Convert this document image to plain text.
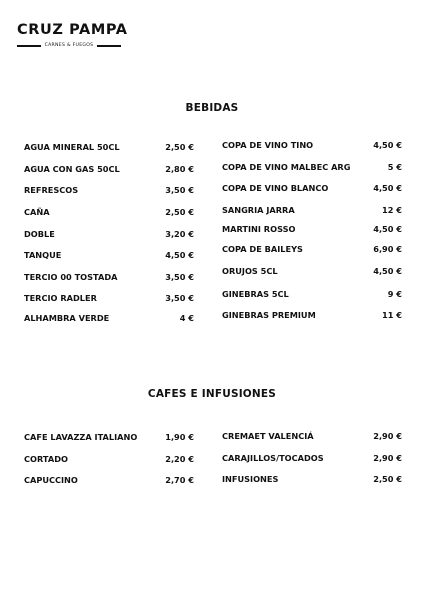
CRUZ PAMPA
CARNES & FUEGOS
BEBIDAS
AGUA MINERAL 50CL	2,50 €
AGUA CON GAS 50CL	2,80 €
REFRESCOS	3,50 €
CAÑA	2,50 €
DOBLE	3,20 €
TANQUE	4,50 €
TERCIO 00 TOSTADA	3,50 €
TERCIO RADLER	3,50 €
ALHAMBRA VERDE	4 €
COPA DE VINO TINO	4,50 €
COPA DE VINO MALBEC ARG	5 €
COPA DE VINO BLANCO	4,50 €
SANGRIA JARRA	12 €
MARTINI ROSSO	4,50 €
COPA DE BAILEYS	6,90 €
ORUJOS 5CL	4,50 €
GINEBRAS 5CL	9 €
GINEBRAS PREMIUM	11 €
CAFES E INFUSIONES
CAFE LAVAZZA ITALIANO	1,90 €
CORTADO	2,20 €
CAPUCCINO	2,70 €
CREMAET VALENCIÁ	2,90 €
CARAJILLOS/TOCADOS	2,90 €
INFUSIONES	2,50 €
